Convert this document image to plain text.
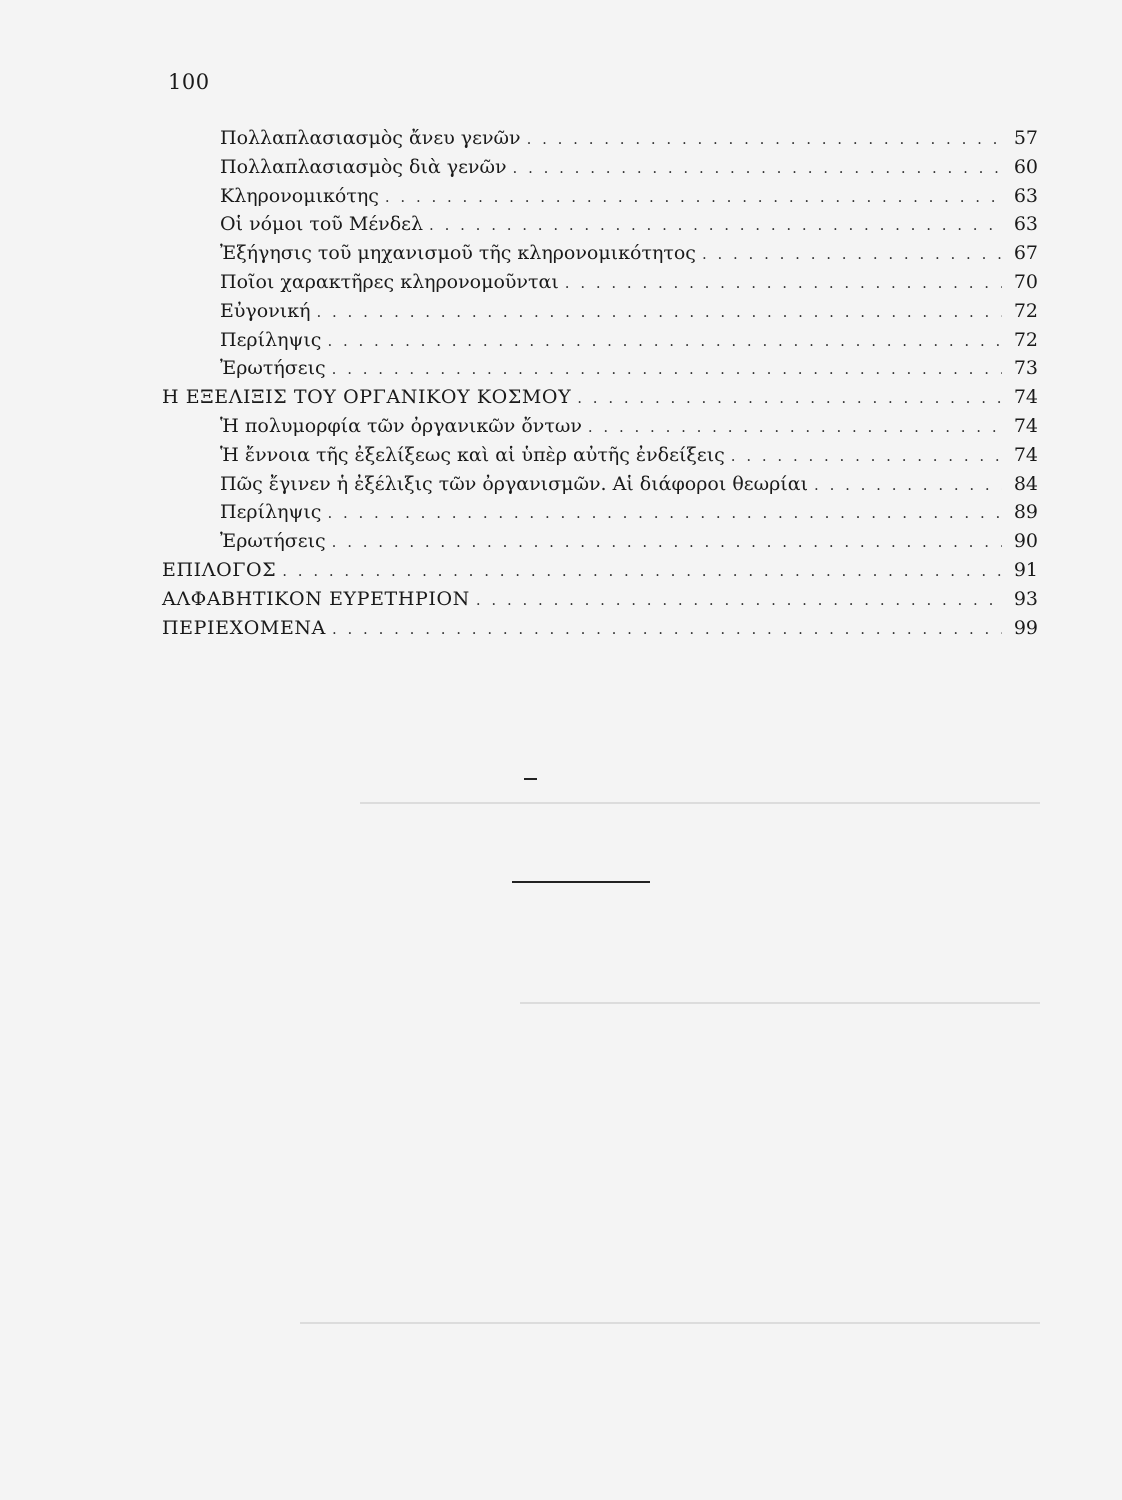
100
Πολλαπλασιασμὸς ἄνευ γενῶν . . .	57
Πολλαπλασιασμὸς διὰ γενῶν . . .	60
Κληρονομικότης . . .	63
Οἱ νόμοι τοῦ Μένδελ . . .	63
Ἐξήγησις τοῦ μηχανισμοῦ τῆς κληρονομικότητος . . .	67
Ποῖοι χαρακτῆρες κληρονομοῦνται . . .	70
Εὐγονική . . .	72
Περίληψις . . .	72
Ἐρωτήσεις . . .	73
Η ΕΞΕΛΙΞΙΣ ΤΟΥ ΟΡΓΑΝΙΚΟΥ ΚΟΣΜΟΥ . . .	74
Ἡ πολυμορφία τῶν ὀργανικῶν ὄντων . . .	74
Ἡ ἔννοια τῆς ἐξελίξεως καὶ αἱ ὑπὲρ αὐτῆς ἐνδείξεις . . .	74
Πῶς ἔγινεν ἡ ἐξέλιξις τῶν ὀργανισμῶν. Αἱ διάφοροι θεωρίαι . . .	84
Περίληψις . . .	89
Ἐρωτήσεις . . .	90
ΕΠΙΛΟΓΟΣ . . .	91
ΑΛΦΑΒΗΤΙΚΟΝ ΕΥΡΕΤΗΡΙΟΝ . . .	93
ΠΕΡΙΕΧΟΜΕΝΑ . . .	99
